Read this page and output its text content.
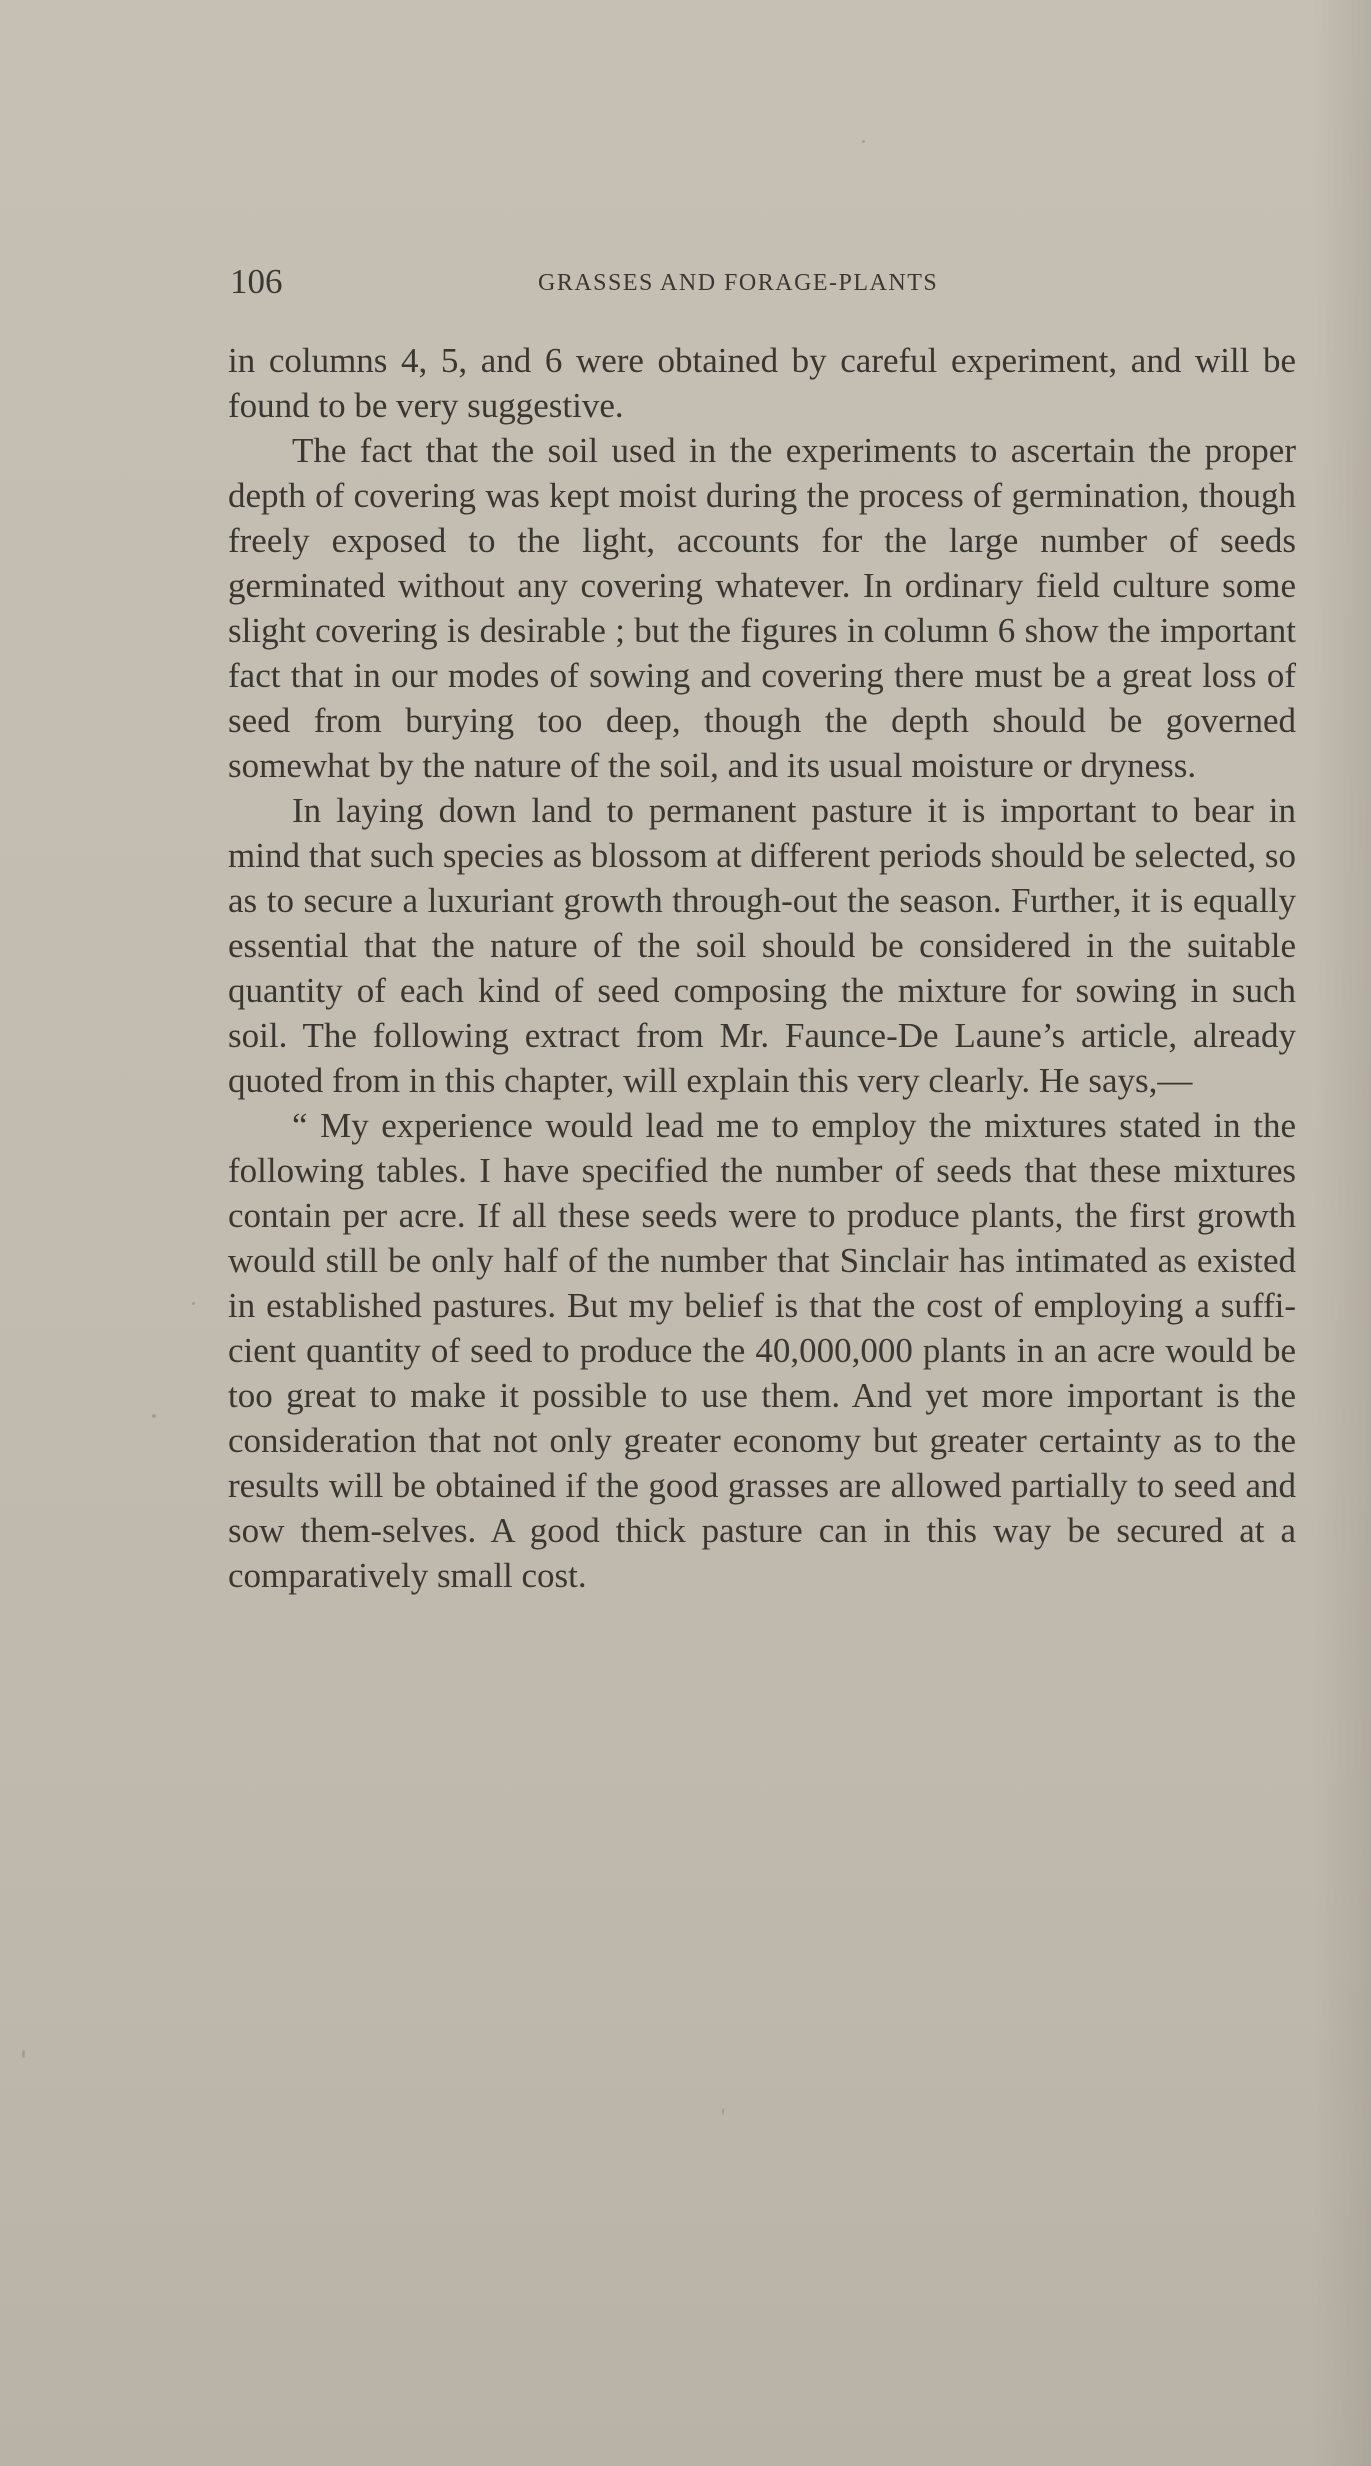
106	GRASSES AND FORAGE-PLANTS

in columns 4, 5, and 6 were obtained by careful experiment, and will be found to be very suggestive.

The fact that the soil used in the experiments to ascertain the proper depth of covering was kept moist during the process of germination, though freely exposed to the light, accounts for the large number of seeds germinated without any covering whatever. In ordinary field culture some slight covering is desirable ; but the figures in column 6 show the important fact that in our modes of sowing and covering there must be a great loss of seed from burying too deep, though the depth should be governed somewhat by the nature of the soil, and its usual moisture or dryness.

In laying down land to permanent pasture it is important to bear in mind that such species as blossom at different periods should be selected, so as to secure a luxuriant growth through-out the season. Further, it is equally essential that the nature of the soil should be considered in the suitable quantity of each kind of seed composing the mixture for sowing in such soil. The following extract from Mr. Faunce-De Laune’s article, already quoted from in this chapter, will explain this very clearly. He says,—

“ My experience would lead me to employ the mixtures stated in the following tables. I have specified the number of seeds that these mixtures contain per acre. If all these seeds were to produce plants, the first growth would still be only half of the number that Sinclair has intimated as existed in established pastures. But my belief is that the cost of employing a suffi-cient quantity of seed to produce the 40,000,000 plants in an acre would be too great to make it possible to use them. And yet more important is the consideration that not only greater economy but greater certainty as to the results will be obtained if the good grasses are allowed partially to seed and sow them-selves. A good thick pasture can in this way be secured at a comparatively small cost.
